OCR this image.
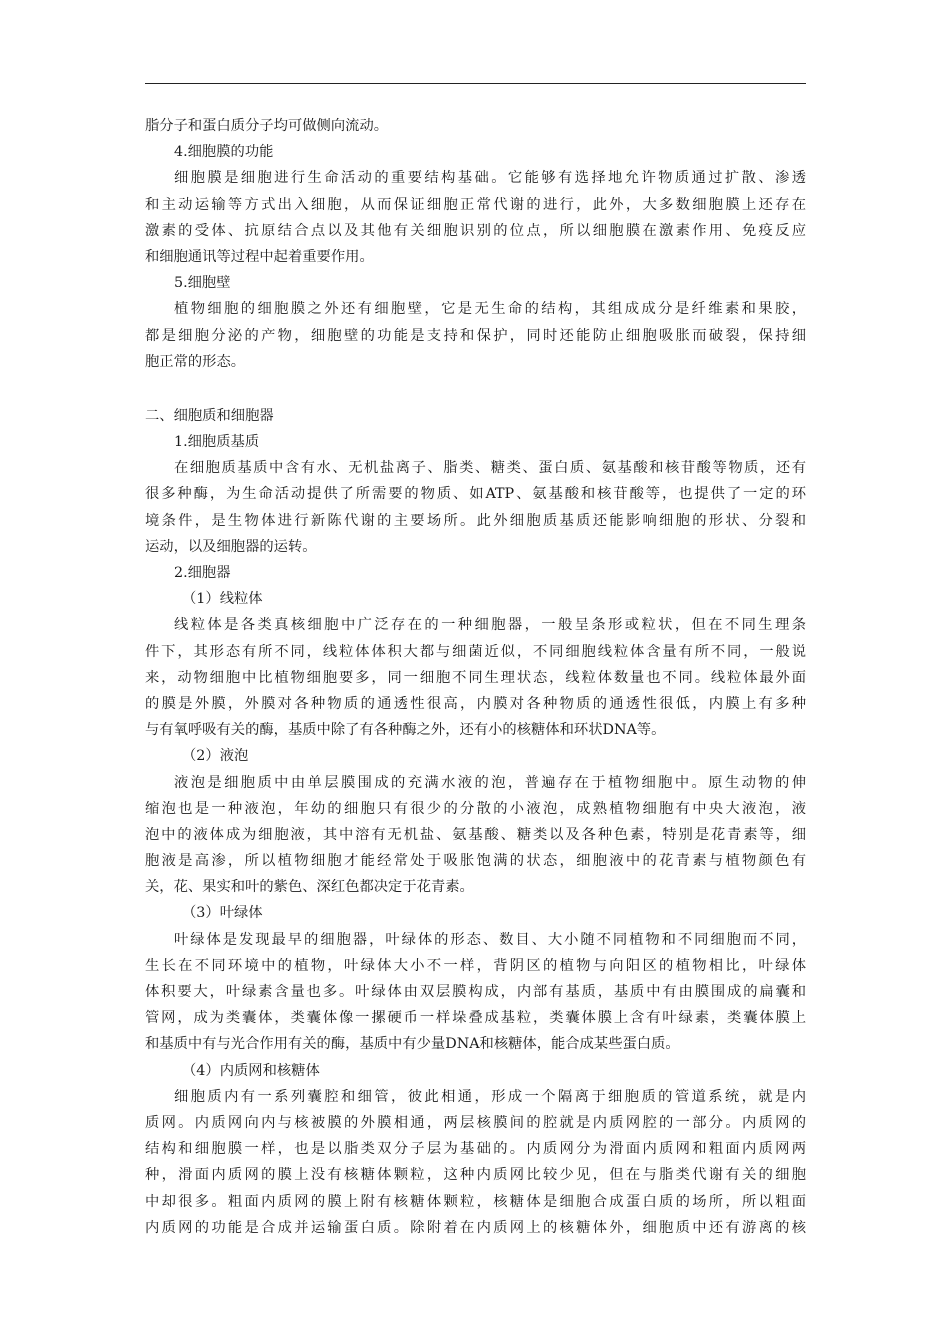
脂分子和蛋白质分子均可做侧向流动。
4.细胞膜的功能
细胞膜是细胞进行生命活动的重要结构基础。它能够有选择地允许物质通过扩散、渗透
和主动运输等方式出入细胞，从而保证细胞正常代谢的进行，此外，大多数细胞膜上还存在
激素的受体、抗原结合点以及其他有关细胞识别的位点，所以细胞膜在激素作用、免疫反应
和细胞通讯等过程中起着重要作用。
5.细胞壁
植物细胞的细胞膜之外还有细胞壁，它是无生命的结构，其组成成分是纤维素和果胶，
都是细胞分泌的产物，细胞壁的功能是支持和保护，同时还能防止细胞吸胀而破裂，保持细
胞正常的形态。
二、细胞质和细胞器
1.细胞质基质
在细胞质基质中含有水、无机盐离子、脂类、糖类、蛋白质、氨基酸和核苷酸等物质，还有
很多种酶，为生命活动提供了所需要的物质、如ATP、氨基酸和核苷酸等，也提供了一定的环
境条件，是生物体进行新陈代谢的主要场所。此外细胞质基质还能影响细胞的形状、分裂和
运动，以及细胞器的运转。
2.细胞器
（1）线粒体
线粒体是各类真核细胞中广泛存在的一种细胞器，一般呈条形或粒状，但在不同生理条
件下，其形态有所不同，线粒体体积大都与细菌近似，不同细胞线粒体含量有所不同，一般说
来，动物细胞中比植物细胞要多，同一细胞不同生理状态，线粒体数量也不同。线粒体最外面
的膜是外膜，外膜对各种物质的通透性很高，内膜对各种物质的通透性很低，内膜上有多种
与有氧呼吸有关的酶，基质中除了有各种酶之外，还有小的核糖体和环状DNA等。
（2）液泡
液泡是细胞质中由单层膜围成的充满水液的泡，普遍存在于植物细胞中。原生动物的伸
缩泡也是一种液泡，年幼的细胞只有很少的分散的小液泡，成熟植物细胞有中央大液泡，液
泡中的液体成为细胞液，其中溶有无机盐、氨基酸、糖类以及各种色素，特别是花青素等，细
胞液是高渗，所以植物细胞才能经常处于吸胀饱满的状态，细胞液中的花青素与植物颜色有
关，花、果实和叶的紫色、深红色都决定于花青素。
（3）叶绿体
叶绿体是发现最早的细胞器，叶绿体的形态、数目、大小随不同植物和不同细胞而不同，
生长在不同环境中的植物，叶绿体大小不一样，背阴区的植物与向阳区的植物相比，叶绿体
体积要大，叶绿素含量也多。叶绿体由双层膜构成，内部有基质，基质中有由膜围成的扁囊和
管网，成为类囊体，类囊体像一摞硬币一样垛叠成基粒，类囊体膜上含有叶绿素，类囊体膜上
和基质中有与光合作用有关的酶，基质中有少量DNA和核糖体，能合成某些蛋白质。
（4）内质网和核糖体
细胞质内有一系列囊腔和细管，彼此相通，形成一个隔离于细胞质的管道系统，就是内
质网。内质网向内与核被膜的外膜相通，两层核膜间的腔就是内质网腔的一部分。内质网的
结构和细胞膜一样，也是以脂类双分子层为基础的。内质网分为滑面内质网和粗面内质网两
种，滑面内质网的膜上没有核糖体颗粒，这种内质网比较少见，但在与脂类代谢有关的细胞
中却很多。粗面内质网的膜上附有核糖体颗粒，核糖体是细胞合成蛋白质的场所，所以粗面
内质网的功能是合成并运输蛋白质。除附着在内质网上的核糖体外，细胞质中还有游离的核
